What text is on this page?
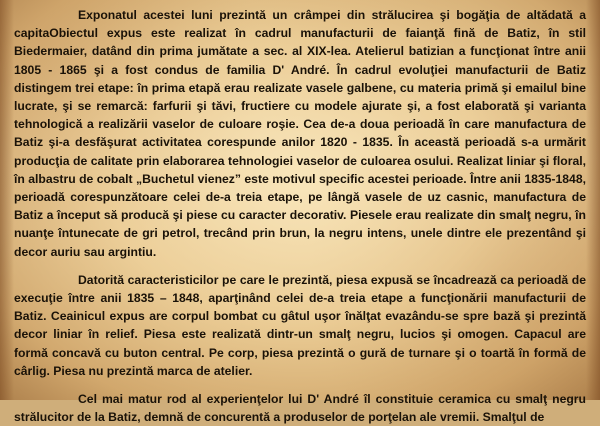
Exponatul acestei luni prezintă un crâmpei din strălucirea şi bogăţia de altădată a capitaObiectul expus este realizat în cadrul manufacturii de faianţă fină de Batiz, în stil Biedermaier, datând din prima jumătate a sec. al XIX-lea. Atelierul batizian a funcţionat între anii 1805 - 1865 şi a fost condus de familia D' André. În cadrul evoluţiei manufacturii de Batiz distingem trei etape: în prima etapă erau realizate vasele galbene, cu materia primă şi emailul bine lucrate, şi se remarcă: farfurii şi tăvi, fructiere cu modele ajurate şi, a fost elaborată şi varianta tehnologică a realizării vaselor de culoare roşie. Cea de-a doua perioadă în care manufactura de Batiz şi-a desfăşurat activitatea corespunde anilor 1820 - 1835. În această perioadă s-a urmărit producţia de calitate prin elaborarea tehnologiei vaselor de culoarea osului. Realizat liniar şi floral, în albastru de cobalt „Buchetul vienez” este motivul specific acestei perioade. Între anii 1835-1848, perioadă corespunzătoare celei de-a treia etape, pe lângă vasele de uz casnic, manufactura de Batiz a început să producă şi piese cu caracter decorativ. Piesele erau realizate din smalţ negru, în nuanţe întunecate de gri petrol, trecând prin brun, la negru intens, unele dintre ele prezentând şi decor auriu sau argintiu.

Datorită caracteristicilor pe care le prezintă, piesa expusă se încadrează ca perioadă de execuţie între anii 1835 – 1848, aparţinând celei de-a treia etape a funcţionării manufacturii de Batiz. Ceainicul expus are corpul bombat cu gâtul uşor înălţat evazându-se spre bază şi prezintă decor liniar în relief. Piesa este realizată dintr-un smalţ negru, lucios şi omogen. Capacul are formă concavă cu buton central. Pe corp, piesa prezintă o gură de turnare şi o toartă în formă de cârlig. Piesa nu prezintă marca de atelier.

Cel mai matur rod al experienţelor lui D' André îl constituie ceramica cu smalţ negru strălucitor de la Batiz, demnă de concurentă a produselor de porţelan ale vremii. Smalţul de
